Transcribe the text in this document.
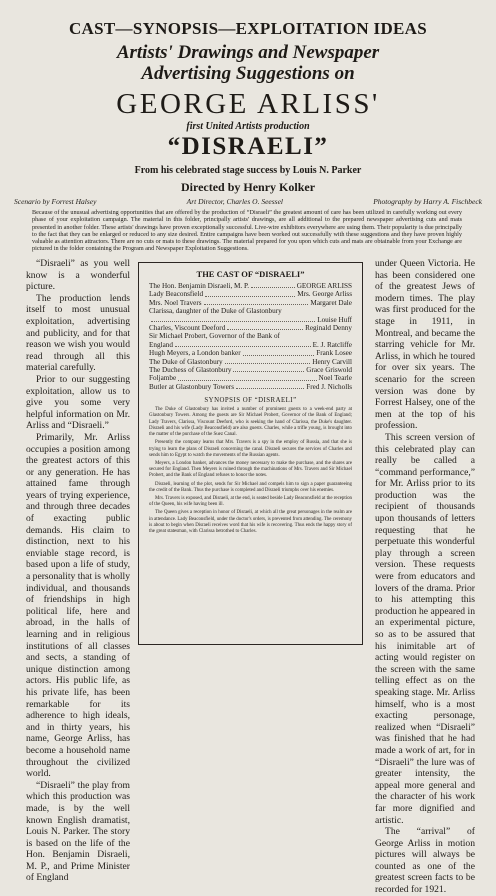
CAST—SYNOPSIS—EXPLOITATION IDEAS
Artists' Drawings and Newspaper
Advertising Suggestions on
GEORGE ARLISS'
first United Artists production
“DISRAELI”
From his celebrated stage success by Louis N. Parker
Directed by Henry Kolker
Scenario by Forrest Halsey	Art Director, Charles O. Seessel	Photography by Harry A. Fischbeck
Because of the unusual advertising opportunities that are offered by the production of “Disraeli” the greatest amount of care has been utilized in carefully working out every phase of your exploitation campaign. The material in this folder, principally artists' drawings, are all additional to the prepared newspaper advertising cuts and mats presented in another folder. These artists' drawings have proven exceptionally successful. Live-wire exhibitors everywhere are using them. Their popularity is due principally to the fact that they can be enlarged or reduced to any size desired. Entire campaigns have been worked out successfully with these suggestions and they have proven highly valuable as attention attractors. There are no cuts or mats to these drawings. The material prepared for you upon which cuts and mats are obtainable from your Exchange are pictured in the folder containing the Program and Newspaper Exploitation Suggestions.

“Disraeli” as you well know is a wonderful picture.

The production lends itself to most unusual exploitation, advertising and publicity, and for that reason we wish you would read through all this material carefully.

Prior to our suggesting exploitation, allow us to give you some very helpful information on Mr. Arliss and “Disraeli.”

Primarily, Mr. Arliss occupies a position among the greatest actors of this or any generation. He has attained fame through years of trying experience, and through three decades of exacting public demands. His claim to distinction, next to his enviable stage record, is based upon a life of study, a personality that is wholly individual, and thousands of friendships in high political life, here and abroad, in the halls of learning and in religious institutions of all classes and sects, a standing of unique distinction among actors. His public life, as his private life, has been remarkable for its adherence to high ideals, and in thirty years, his name, George Arliss, has become a household name throughout the civilized world.

“Disraeli” the play from which this production was made, is by the well known English dramatist, Louis N. Parker. The story is based on the life of the Hon. Benjamin Disraeli, M. P., and Prime Minister of England

THE CAST OF “DISRAELI”
The Hon. Benjamin Disraeli, M. P.	GEORGE ARLISS
Lady Beaconsfield	Mrs. George Arliss
Mrs. Noel Travers	Margaret Dale
Clarissa, daughter of the Duke of Glastonbury
Louise Huff
Charles, Viscount Deeford	Reginald Denny
Sir Michael Probert, Governor of the Bank of
England	E. J. Ratcliffe
Hugh Meyers, a London banker	Frank Losee
The Duke of Glastonbury	Henry Carvill
The Duchess of Glastonbury	Grace Griswold
Foljambe	Noel Tearle
Butler at Glastonbury Towers	Fred J. Nicholls
SYNOPSIS OF “DISRAELI”

The Duke of Glastonbury has invited a number of prominent guests to a week-end party at Glastonbury Towers. Among the guests are Sir Michael Probert, Governor of the Bank of England; Lady Travers, Clarissa, Viscount Deeford, who is seeking the hand of Clarissa, the Duke's daughter. Disraeli and his wife (Lady Beaconsfield) are also guests. Charles, while a trifle young, is brought into the matter of the purchase of the Suez Canal.

Presently the company learns that Mrs. Travers is a spy in the employ of Russia, and that she is trying to learn the plans of Disraeli concerning the canal. Disraeli secures the services of Charles and sends him to Egypt to watch the movements of the Russian agents.

Meyers, a London banker, advances the money necessary to make the purchase, and the shares are secured for England. Then Meyers is ruined through the machinations of Mrs. Travers and Sir Michael Probert, and the Bank of England refuses to honor the notes.

Disraeli, learning of the plot, sends for Sir Michael and compels him to sign a paper guaranteeing the credit of the Bank. Thus the purchase is completed and Disraeli triumphs over his enemies.

Mrs. Travers is exposed, and Disraeli, at the end, is seated beside Lady Beaconsfield at the reception of the Queen, his wife having been ill.

The Queen gives a reception in honor of Disraeli, at which all the great personages in the realm are in attendance. Lady Beaconsfield, under the doctor's orders, is prevented from attending. The ceremony is about to begin when Disraeli receives word that his wife is recovering. Thus ends the happy story of the great statesman, with Clarissa betrothed to Charles.

under Queen Victoria. He has been considered one of the greatest Jews of modern times. The play was first produced for the stage in 1911, in Montreal, and became the starring vehicle for Mr. Arliss, in which he toured for over six years. The scenario for the screen version was done by Forrest Halsey, one of the men at the top of his profession.

This screen version of this celebrated play can really be called a “command performance,” for Mr. Arliss prior to its production was the recipient of thousands upon thousands of letters requesting that he perpetuate this wonderful play through a screen version. These requests were from educators and lovers of the drama. Prior to his attempting this production he appeared in an experimental picture, so as to be assured that his inimitable art of acting would register on the screen with the same telling effect as on the speaking stage. Mr. Arliss himself, who is a most exacting personage, realized when “Disraeli” was finished that he had made a work of art, for in “Disraeli” the lure was of greater intensity, the appeal more general and the character of his work far more dignified and artistic.

The “arrival” of George Arliss in motion pictures will always be counted as one of the greatest screen facts to be recorded for 1921.
